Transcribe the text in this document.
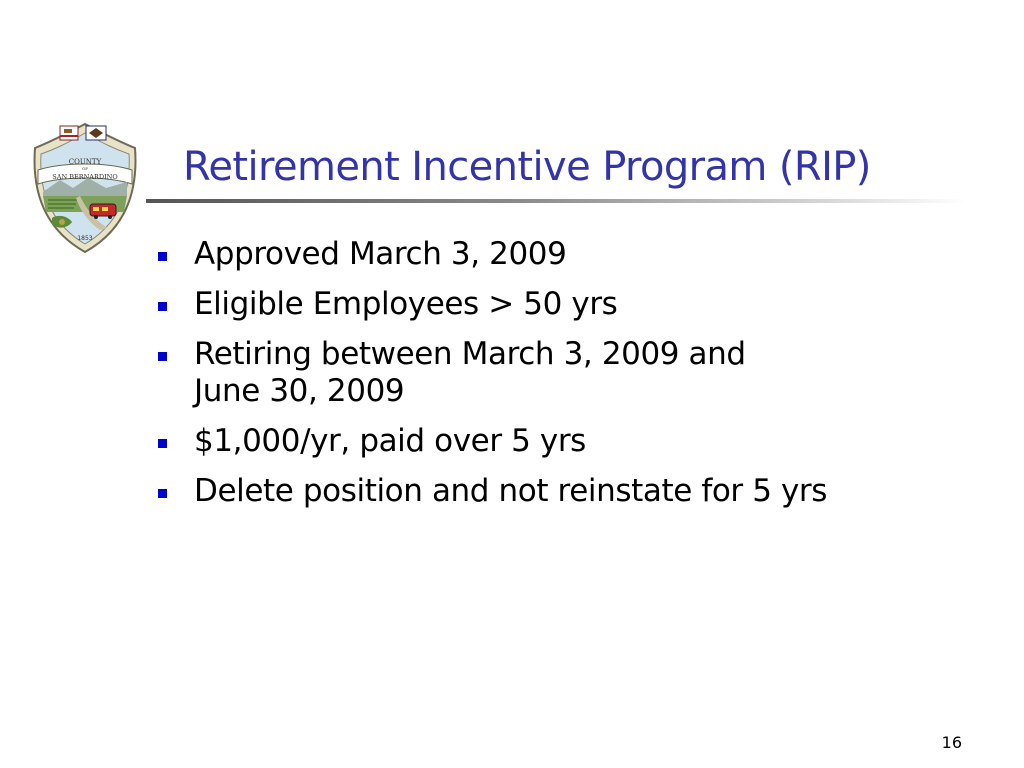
COUNTY
OF
SAN BERNARDINO
1853
Retirement Incentive Program (RIP)
Approved March 3, 2009
Eligible Employees > 50 yrs
Retiring between March 3, 2009 and
June 30, 2009
$1,000/yr, paid over 5 yrs
Delete position and not reinstate for 5 yrs
16
